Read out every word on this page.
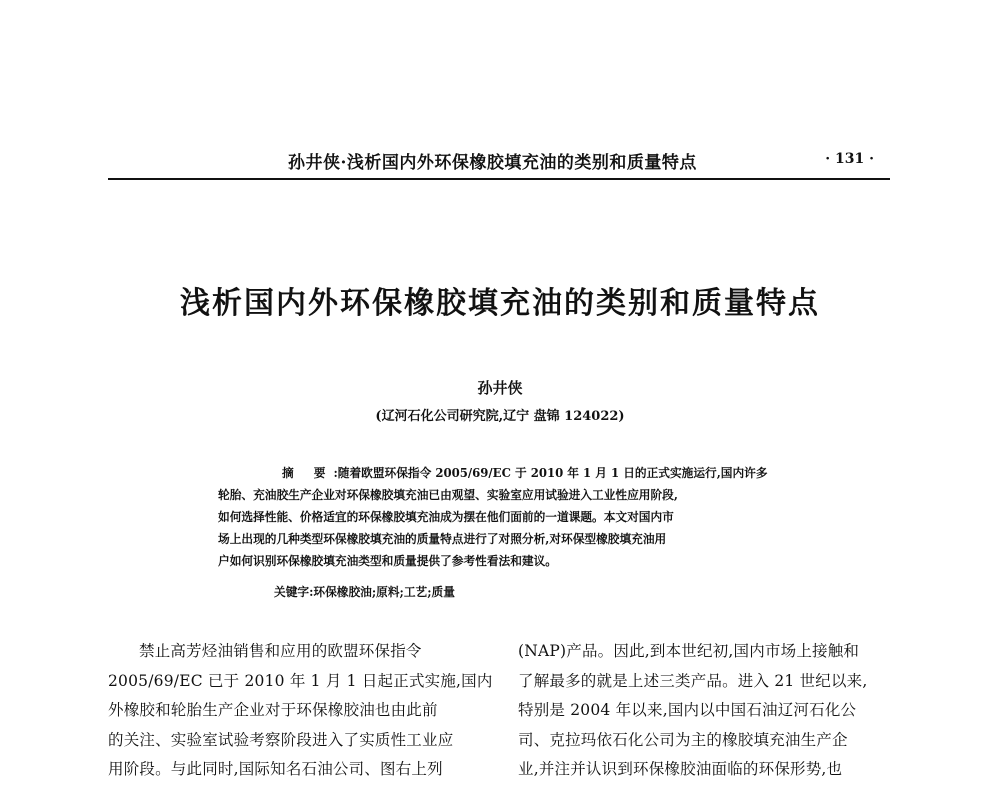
孙井侠·浅析国内外环保橡胶填充油的类别和质量特点	· 131 ·
浅析国内外环保橡胶填充油的类别和质量特点
孙井侠
(辽河石化公司研究院,辽宁 盘锦 124022)
摘 要:随着欧盟环保指令 2005/69/EC 于 2010 年 1 月 1 日的正式实施运行,国内许多
轮胎、充油胶生产企业对环保橡胶填充油已由观望、实验室应用试验进入工业性应用阶段,
如何选择性能、价格适宜的环保橡胶填充油成为摆在他们面前的一道课题。本文对国内市
场上出现的几种类型环保橡胶填充油的质量特点进行了对照分析,对环保型橡胶填充油用
户如何识别环保橡胶填充油类型和质量提供了参考性看法和建议。
关键字:环保橡胶油;原料;工艺;质量
禁止高芳烃油销售和应用的欧盟环保指令
2005/69/EC 已于 2010 年 1 月 1 日起正式实施,国内
外橡胶和轮胎生产企业对于环保橡胶油也由此前
的关注、实验室试验考察阶段进入了实质性工业应
用阶段。与此同时,国际知名石油公司、图右上列
(NAP)产品。因此,到本世纪初,国内市场上接触和
了解最多的就是上述三类产品。进入 21 世纪以来,
特别是 2004 年以来,国内以中国石油辽河石化公
司、克拉玛依石化公司为主的橡胶填充油生产企
业,并注并认识到环保橡胶油面临的环保形势,也
